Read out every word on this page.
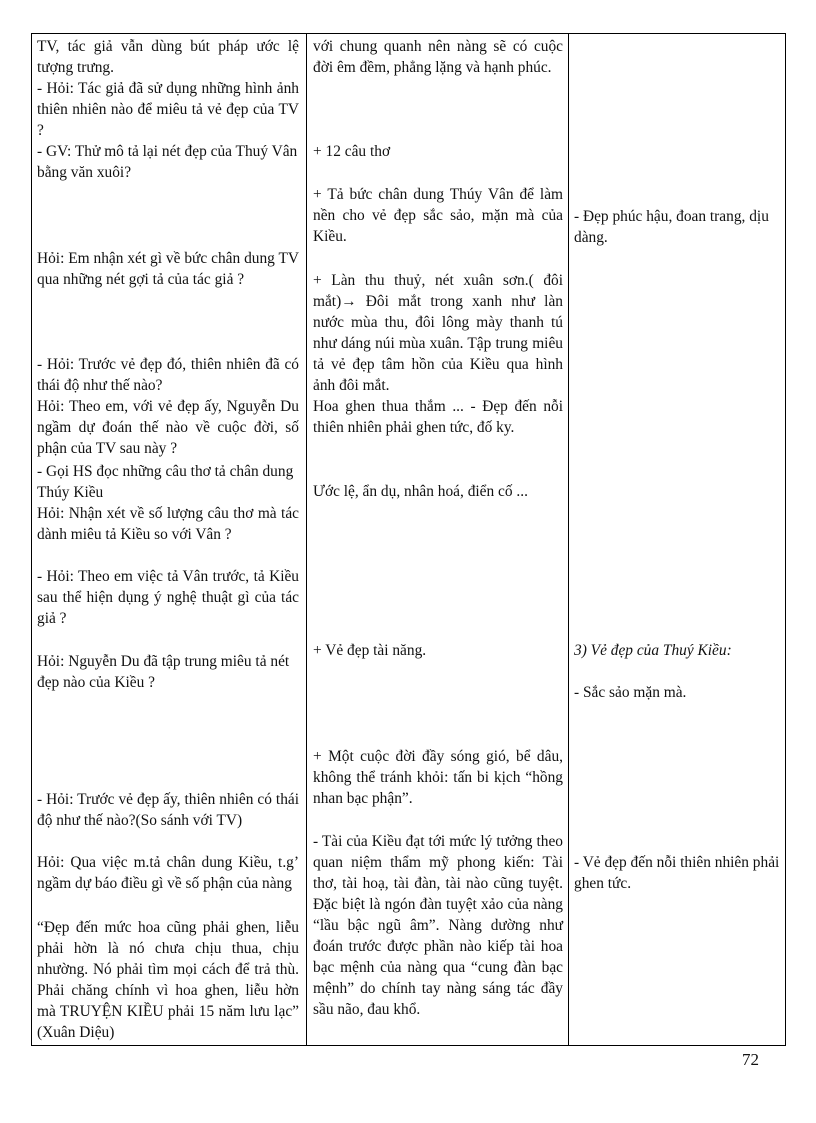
TV, tác giả vẫn dùng bút pháp ước lệ tượng trưng.

- Hỏi: Tác giả đã sử dụng những hình ảnh thiên nhiên nào để miêu tả vẻ đẹp của TV ?

- GV: Thử mô tả lại nét đẹp của Thuý Vân bằng văn xuôi?

Hỏi: Em nhận xét gì về bức chân dung TV qua những nét gợi tả của tác giả ?

- Hỏi: Trước vẻ đẹp đó, thiên nhiên đã có thái độ như thế nào?

Hỏi: Theo em, với vẻ đẹp ấy, Nguyễn Du ngầm dự đoán thế nào về cuộc đời, số phận của TV sau này ?

- Gọi HS đọc những câu thơ tả chân dung Thúy Kiều

Hỏi: Nhận xét về số lượng câu thơ mà tác dành miêu tả Kiều so với Vân ?

- Hỏi: Theo em việc tả Vân trước, tả Kiều sau thể hiện dụng ý nghệ thuật gì của tác giả ?

Hỏi: Nguyễn Du đã tập trung miêu tả nét đẹp nào của Kiều ?

- Hỏi: Trước vẻ đẹp ấy, thiên nhiên có thái độ như thế nào?(So sánh với TV)

Hỏi: Qua việc m.tả chân dung Kiều, t.g’ ngầm dự báo điều gì về số phận của nàng

“Đẹp đến mức hoa cũng phải ghen, liễu phải hờn là nó chưa chịu thua, chịu nhường. Nó phải tìm mọi cách để trả thù. Phải chăng chính vì hoa ghen, liễu hờn mà TRUYỆN KIỀU phải 15 năm lưu lạc” (Xuân Diệu)

với chung quanh nên nàng sẽ có cuộc đời êm đềm, phẳng lặng và hạnh phúc.

+ 12 câu thơ

+ Tả bức chân dung Thúy Vân để làm nền cho vẻ đẹp sắc sảo, mặn mà của Kiều.

+ Làn thu thuỷ, nét xuân sơn.( đôi mắt)→ Đôi mắt trong xanh như làn nước mùa thu, đôi lông mày thanh tú như dáng núi mùa xuân. Tập trung miêu tả vẻ đẹp tâm hồn của Kiều qua hình ảnh đôi mắt.

Hoa ghen thua thắm ... - Đẹp đến nỗi thiên nhiên phải ghen tức, đố ky.

Ước lệ, ẩn dụ, nhân hoá, điển cố ...

+ Vẻ đẹp tài năng.

+ Một cuộc đời đầy sóng gió, bể dâu, không thể tránh khỏi: tấn bi kịch “hồng nhan bạc phận”.

- Tài của Kiều đạt tới mức lý tưởng theo quan niệm thẩm mỹ phong kiến: Tài thơ, tài hoạ, tài đàn, tài nào cũng tuyệt. Đặc biệt là ngón đàn tuyệt xảo của nàng “lầu bậc ngũ âm”. Nàng dường như đoán trước được phần nào kiếp tài hoa bạc mệnh của nàng qua “cung đàn bạc mệnh” do chính tay nàng sáng tác đầy sầu não, đau khổ.

- Đẹp phúc hậu, đoan trang, dịu dàng.

3) Vẻ đẹp của Thuý Kiều:

- Sắc sảo mặn mà.

- Vẻ đẹp đến nỗi thiên nhiên phải ghen tức.

72
